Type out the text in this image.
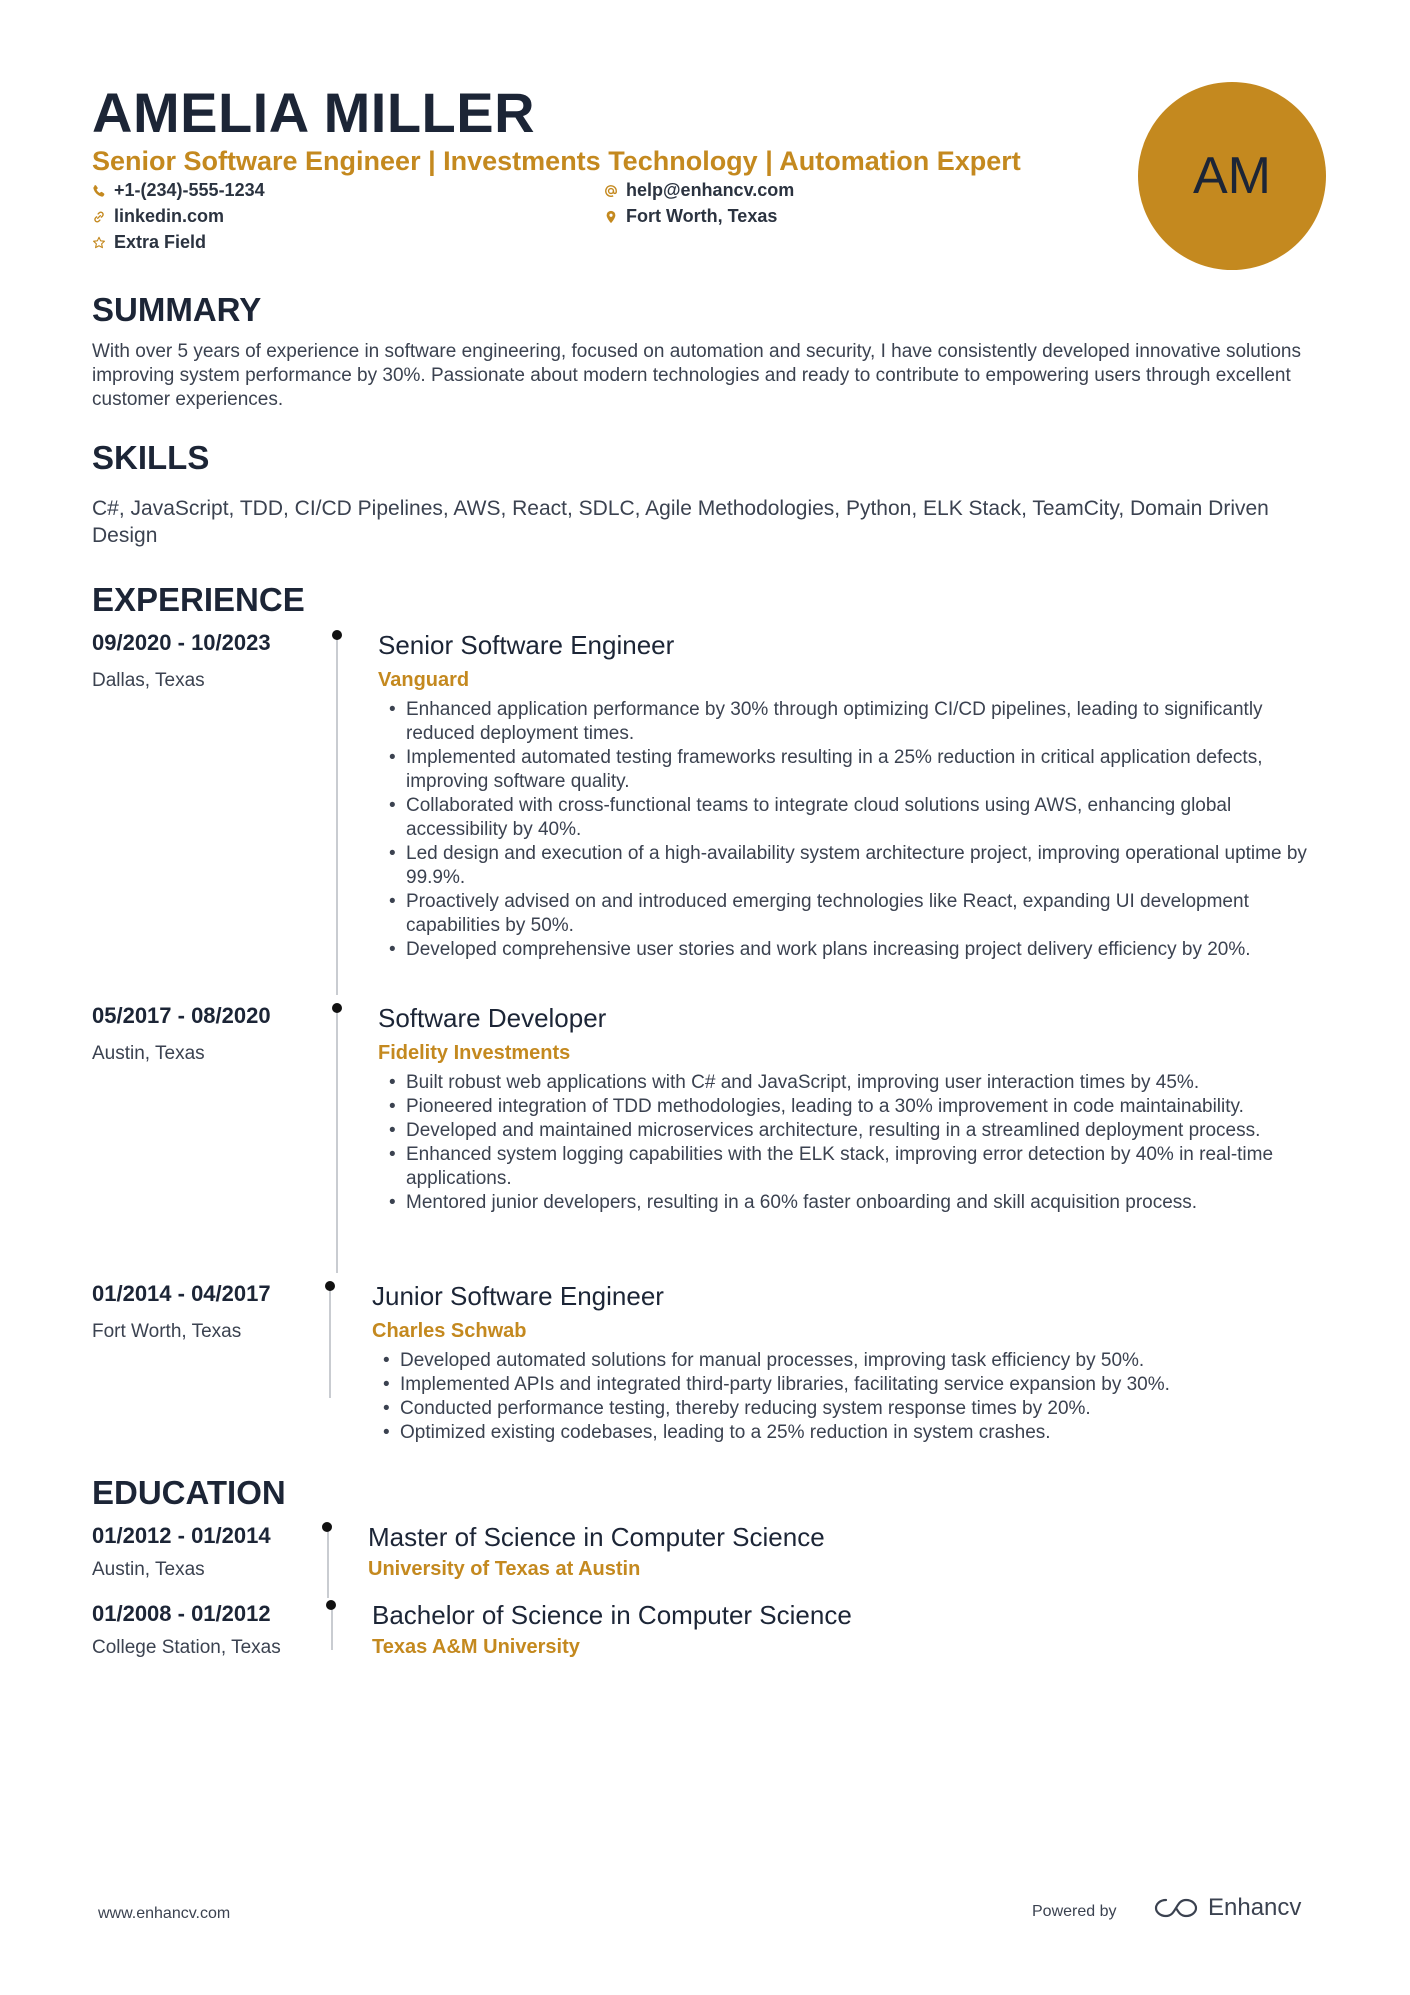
AMELIA MILLER
Senior Software Engineer | Investments Technology | Automation Expert
+1-(234)-555-1234	help@enhancv.com
linkedin.com	Fort Worth, Texas
Extra Field
AM
SUMMARY
With over 5 years of experience in software engineering, focused on automation and security, I have consistently developed innovative solutions improving system performance by 30%. Passionate about modern technologies and ready to contribute to empowering users through excellent customer experiences.
SKILLS
C#, JavaScript, TDD, CI/CD Pipelines, AWS, React, SDLC, Agile Methodologies, Python, ELK Stack, TeamCity, Domain Driven Design
EXPERIENCE
09/2020 - 10/2023
Dallas, Texas
Senior Software Engineer
Vanguard
• Enhanced application performance by 30% through optimizing CI/CD pipelines, leading to significantly reduced deployment times.
• Implemented automated testing frameworks resulting in a 25% reduction in critical application defects, improving software quality.
• Collaborated with cross-functional teams to integrate cloud solutions using AWS, enhancing global accessibility by 40%.
• Led design and execution of a high-availability system architecture project, improving operational uptime by 99.9%.
• Proactively advised on and introduced emerging technologies like React, expanding UI development capabilities by 50%.
• Developed comprehensive user stories and work plans increasing project delivery efficiency by 20%.
05/2017 - 08/2020
Austin, Texas
Software Developer
Fidelity Investments
• Built robust web applications with C# and JavaScript, improving user interaction times by 45%.
• Pioneered integration of TDD methodologies, leading to a 30% improvement in code maintainability.
• Developed and maintained microservices architecture, resulting in a streamlined deployment process.
• Enhanced system logging capabilities with the ELK stack, improving error detection by 40% in real-time applications.
• Mentored junior developers, resulting in a 60% faster onboarding and skill acquisition process.
01/2014 - 04/2017
Fort Worth, Texas
Junior Software Engineer
Charles Schwab
• Developed automated solutions for manual processes, improving task efficiency by 50%.
• Implemented APIs and integrated third-party libraries, facilitating service expansion by 30%.
• Conducted performance testing, thereby reducing system response times by 20%.
• Optimized existing codebases, leading to a 25% reduction in system crashes.
EDUCATION
01/2012 - 01/2014
Austin, Texas
Master of Science in Computer Science
University of Texas at Austin
01/2008 - 01/2012
College Station, Texas
Bachelor of Science in Computer Science
Texas A&M University
www.enhancv.com	Powered by	Enhancv
